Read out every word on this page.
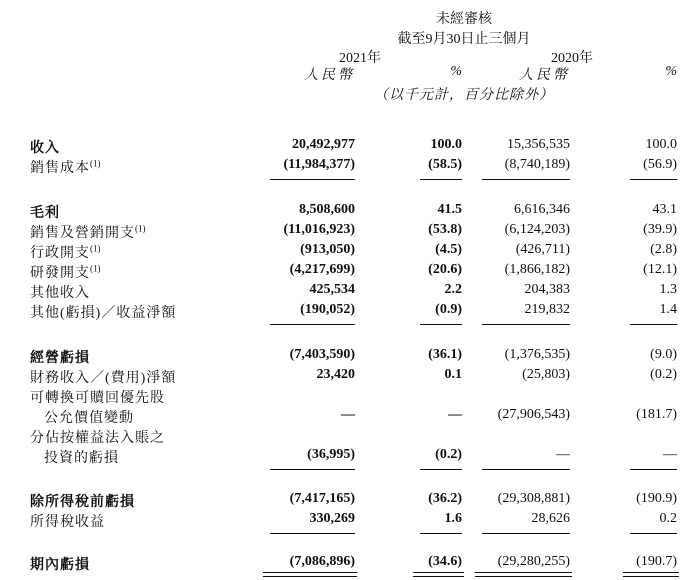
未經審核
截至9月30日止三個月
2021年	2020年
人民幣	%	人民幣	%
（以千元計，百分比除外）
收入	20,492,977	100.0	15,356,535	100.0
銷售成本$^{(1)}$	(11,984,377)	(58.5)	(8,740,189)	(56.9)
毛利	8,508,600	41.5	6,616,346	43.1
銷售及營銷開支$^{(1)}$	(11,016,923)	(53.8)	(6,124,203)	(39.9)
行政開支$^{(1)}$	(913,050)	(4.5)	(426,711)	(2.8)
研發開支$^{(1)}$	(4,217,699)	(20.6)	(1,866,182)	(12.1)
其他收入	425,534	2.2	204,383	1.3
其他(虧損)／收益淨額	(190,052)	(0.9)	219,832	1.4
經營虧損	(7,403,590)	(36.1)	(1,376,535)	(9.0)
財務收入／(費用)淨額	23,420	0.1	(25,803)	(0.2)
可轉換可贖回優先股
公允價值變動	—	—	(27,906,543)	(181.7)
分佔按權益法入賬之
投資的虧損	(36,995)	(0.2)	—	—
除所得稅前虧損	(7,417,165)	(36.2)	(29,308,881)	(190.9)
所得稅收益	330,269	1.6	28,626	0.2
期內虧損	(7,086,896)	(34.6)	(29,280,255)	(190.7)
